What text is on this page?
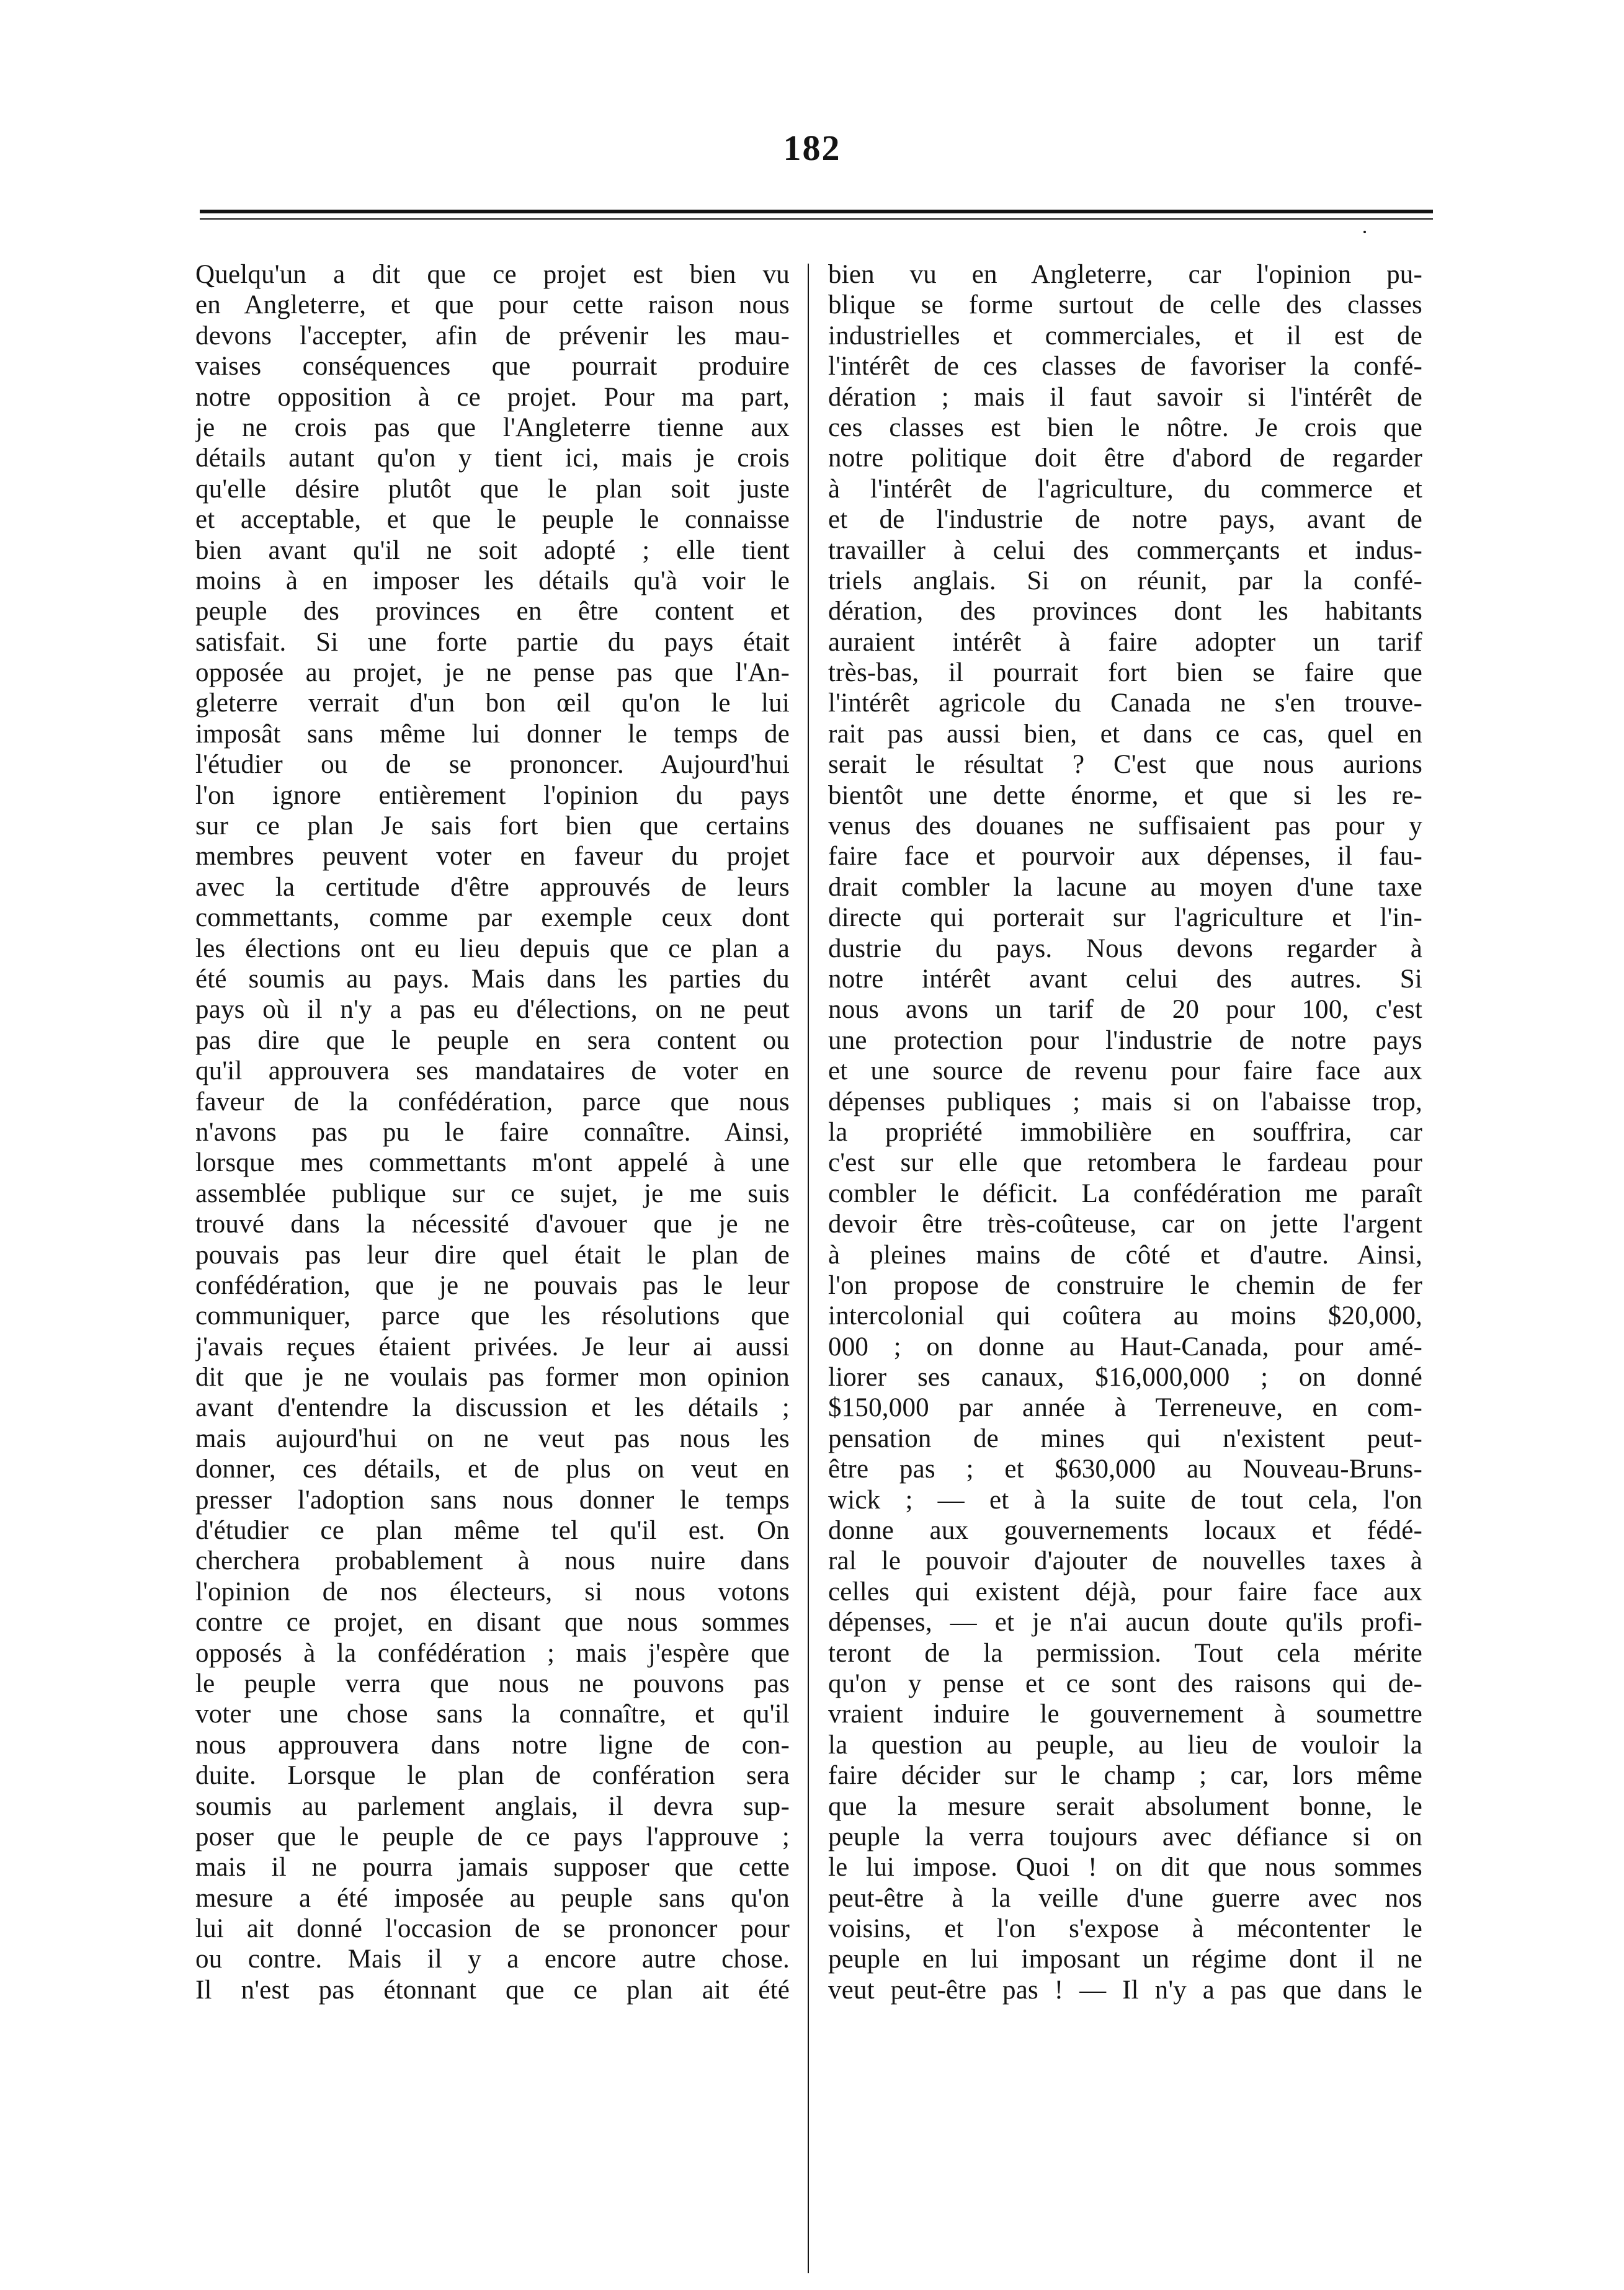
182
Quelqu'un a dit que ce projet est bien vu
en Angleterre, et que pour cette raison nous
devons l'accepter, afin de prévenir les mau-
vaises conséquences que pourrait produire
notre opposition à ce projet. Pour ma part,
je ne crois pas que l'Angleterre tienne aux
détails autant qu'on y tient ici, mais je crois
qu'elle désire plutôt que le plan soit juste
et acceptable, et que le peuple le connaisse
bien avant qu'il ne soit adopté ; elle tient
moins à en imposer les détails qu'à voir le
peuple des provinces en être content et
satisfait. Si une forte partie du pays était
opposée au projet, je ne pense pas que l'An-
gleterre verrait d'un bon œil qu'on le lui
imposât sans même lui donner le temps de
l'étudier ou de se prononcer. Aujourd'hui
l'on ignore entièrement l'opinion du pays
sur ce plan Je sais fort bien que certains
membres peuvent voter en faveur du projet
avec la certitude d'être approuvés de leurs
commettants, comme par exemple ceux dont
les élections ont eu lieu depuis que ce plan a
été soumis au pays. Mais dans les parties du
pays où il n'y a pas eu d'élections, on ne peut
pas dire que le peuple en sera content ou
qu'il approuvera ses mandataires de voter en
faveur de la confédération, parce que nous
n'avons pas pu le faire connaître. Ainsi,
lorsque mes commettants m'ont appelé à une
assemblée publique sur ce sujet, je me suis
trouvé dans la nécessité d'avouer que je ne
pouvais pas leur dire quel était le plan de
confédération, que je ne pouvais pas le leur
communiquer, parce que les résolutions que
j'avais reçues étaient privées. Je leur ai aussi
dit que je ne voulais pas former mon opinion
avant d'entendre la discussion et les détails ;
mais aujourd'hui on ne veut pas nous les
donner, ces détails, et de plus on veut en
presser l'adoption sans nous donner le temps
d'étudier ce plan même tel qu'il est. On
cherchera probablement à nous nuire dans
l'opinion de nos électeurs, si nous votons
contre ce projet, en disant que nous sommes
opposés à la confédération ; mais j'espère que
le peuple verra que nous ne pouvons pas
voter une chose sans la connaître, et qu'il
nous approuvera dans notre ligne de con-
duite. Lorsque le plan de confération sera
soumis au parlement anglais, il devra sup-
poser que le peuple de ce pays l'approuve ;
mais il ne pourra jamais supposer que cette
mesure a été imposée au peuple sans qu'on
lui ait donné l'occasion de se prononcer pour
ou contre. Mais il y a encore autre chose.
Il n'est pas étonnant que ce plan ait été
bien vu en Angleterre, car l'opinion pu-
blique se forme surtout de celle des classes
industrielles et commerciales, et il est de
l'intérêt de ces classes de favoriser la confé-
dération ; mais il faut savoir si l'intérêt de
ces classes est bien le nôtre. Je crois que
notre politique doit être d'abord de regarder
à l'intérêt de l'agriculture, du commerce et
et de l'industrie de notre pays, avant de
travailler à celui des commerçants et indus-
triels anglais. Si on réunit, par la confé-
dération, des provinces dont les habitants
auraient intérêt à faire adopter un tarif
très-bas, il pourrait fort bien se faire que
l'intérêt agricole du Canada ne s'en trouve-
rait pas aussi bien, et dans ce cas, quel en
serait le résultat ? C'est que nous aurions
bientôt une dette énorme, et que si les re-
venus des douanes ne suffisaient pas pour y
faire face et pourvoir aux dépenses, il fau-
drait combler la lacune au moyen d'une taxe
directe qui porterait sur l'agriculture et l'in-
dustrie du pays. Nous devons regarder à
notre intérêt avant celui des autres. Si
nous avons un tarif de 20 pour 100, c'est
une protection pour l'industrie de notre pays
et une source de revenu pour faire face aux
dépenses publiques ; mais si on l'abaisse trop,
la propriété immobilière en souffrira, car
c'est sur elle que retombera le fardeau pour
combler le déficit. La confédération me paraît
devoir être très-coûteuse, car on jette l'argent
à pleines mains de côté et d'autre. Ainsi,
l'on propose de construire le chemin de fer
intercolonial qui coûtera au moins $20,000,
000 ; on donne au Haut-Canada, pour amé-
liorer ses canaux, $16,000,000 ; on donné
$150,000 par année à Terreneuve, en com-
pensation de mines qui n'existent peut-
être pas ; et $630,000 au Nouveau-Bruns-
wick ; — et à la suite de tout cela, l'on
donne aux gouvernements locaux et fédé-
ral le pouvoir d'ajouter de nouvelles taxes à
celles qui existent déjà, pour faire face aux
dépenses, — et je n'ai aucun doute qu'ils profi-
teront de la permission. Tout cela mérite
qu'on y pense et ce sont des raisons qui de-
vraient induire le gouvernement à soumettre
la question au peuple, au lieu de vouloir la
faire décider sur le champ ; car, lors même
que la mesure serait absolument bonne, le
peuple la verra toujours avec défiance si on
le lui impose. Quoi ! on dit que nous sommes
peut-être à la veille d'une guerre avec nos
voisins, et l'on s'expose à mécontenter le
peuple en lui imposant un régime dont il ne
veut peut-être pas ! — Il n'y a pas que dans le
